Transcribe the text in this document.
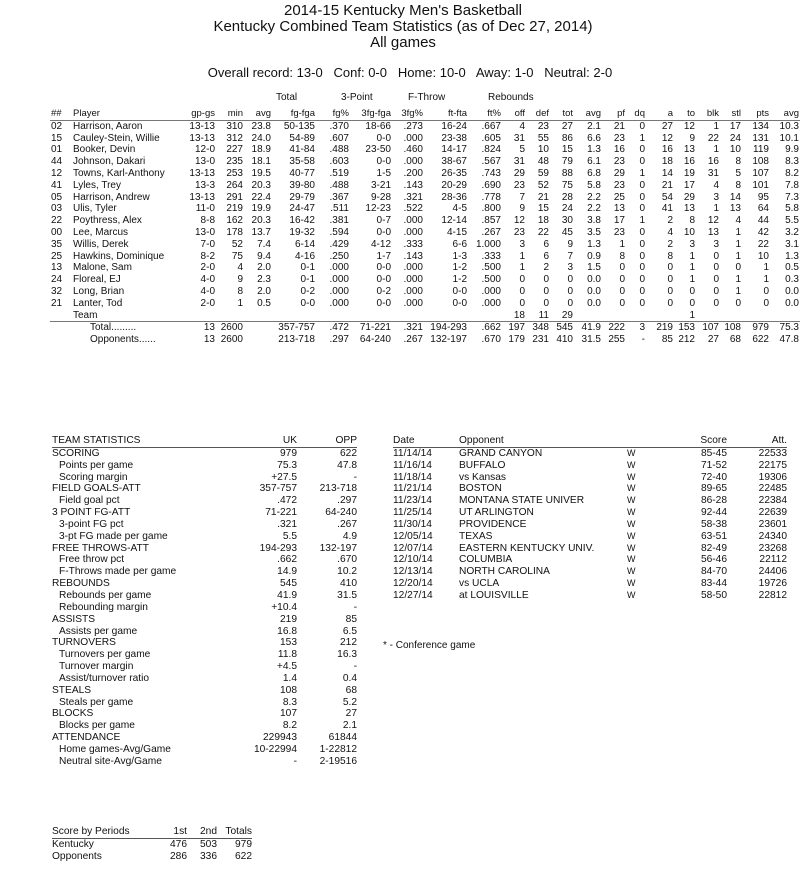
2014-15 Kentucky Men's Basketball
Kentucky Combined Team Statistics (as of Dec 27, 2014)
All games
Overall record: 13-0   Conf: 0-0   Home: 10-0   Away: 1-0   Neutral: 2-0
Total	3-Point	F-Throw	Rebounds
##	Player	gp-gs	min	avg	fg-fga	fg%	3fg-fga	3fg%	ft-fta	ft%	off	def	tot	avg	pf	dq	a	to	blk	stl	pts	avg
02	Harrison, Aaron	13-13	310	23.8	50-135	.370	18-66	.273	16-24	.667	4	23	27	2.1	21	0	27	12	1	17	134	10.3
15	Cauley-Stein, Willie	13-13	312	24.0	54-89	.607	0-0	.000	23-38	.605	31	55	86	6.6	23	1	12	9	22	24	131	10.1
01	Booker, Devin	12-0	227	18.9	41-84	.488	23-50	.460	14-17	.824	5	10	15	1.3	16	0	16	13	1	10	119	9.9
44	Johnson, Dakari	13-0	235	18.1	35-58	.603	0-0	.000	38-67	.567	31	48	79	6.1	23	0	18	16	16	8	108	8.3
12	Towns, Karl-Anthony	13-13	253	19.5	40-77	.519	1-5	.200	26-35	.743	29	59	88	6.8	29	1	14	19	31	5	107	8.2
41	Lyles, Trey	13-3	264	20.3	39-80	.488	3-21	.143	20-29	.690	23	52	75	5.8	23	0	21	17	4	8	101	7.8
05	Harrison, Andrew	13-13	291	22.4	29-79	.367	9-28	.321	28-36	.778	7	21	28	2.2	25	0	54	29	3	14	95	7.3
03	Ulis, Tyler	11-0	219	19.9	24-47	.511	12-23	.522	4-5	.800	9	15	24	2.2	13	0	41	13	1	13	64	5.8
22	Poythress, Alex	8-8	162	20.3	16-42	.381	0-7	.000	12-14	.857	12	18	30	3.8	17	1	2	8	12	4	44	5.5
00	Lee, Marcus	13-0	178	13.7	19-32	.594	0-0	.000	4-15	.267	23	22	45	3.5	23	0	4	10	13	1	42	3.2
35	Willis, Derek	7-0	52	7.4	6-14	.429	4-12	.333	6-6	1.000	3	6	9	1.3	1	0	2	3	3	1	22	3.1
25	Hawkins, Dominique	8-2	75	9.4	4-16	.250	1-7	.143	1-3	.333	1	6	7	0.9	8	0	8	1	0	1	10	1.3
13	Malone, Sam	2-0	4	2.0	0-1	.000	0-0	.000	1-2	.500	1	2	3	1.5	0	0	0	1	0	0	1	0.5
24	Floreal, EJ	4-0	9	2.3	0-1	.000	0-0	.000	1-2	.500	0	0	0	0.0	0	0	0	1	0	1	1	0.3
32	Long, Brian	4-0	8	2.0	0-2	.000	0-2	.000	0-0	.000	0	0	0	0.0	0	0	0	0	0	1	0	0.0
21	Lanter, Tod	2-0	1	0.5	0-0	.000	0-0	.000	0-0	.000	0	0	0	0.0	0	0	0	0	0	0	0	0.0
	Team										18	11	29					1				
	Total.........	13	2600		357-757	.472	71-221	.321	194-293	.662	197	348	545	41.9	222	3	219	153	107	108	979	75.3
	Opponents......	13	2600		213-718	.297	64-240	.267	132-197	.670	179	231	410	31.5	255	-	85	212	27	68	622	47.8
TEAM STATISTICS	UK	OPP
SCORING	979	622
Points per game	75.3	47.8
Scoring margin	+27.5	-
FIELD GOALS-ATT	357-757	213-718
Field goal pct	.472	.297
3 POINT FG-ATT	71-221	64-240
3-point FG pct	.321	.267
3-pt FG made per game	5.5	4.9
FREE THROWS-ATT	194-293	132-197
Free throw pct	.662	.670
F-Throws made per game	14.9	10.2
REBOUNDS	545	410
Rebounds per game	41.9	31.5
Rebounding margin	+10.4	-
ASSISTS	219	85
Assists per game	16.8	6.5
TURNOVERS	153	212
Turnovers per game	11.8	16.3
Turnover margin	+4.5	-
Assist/turnover ratio	1.4	0.4
STEALS	108	68
Steals per game	8.3	5.2
BLOCKS	107	27
Blocks per game	8.2	2.1
ATTENDANCE	229943	61844
Home games-Avg/Game	10-22994	1-22812
Neutral site-Avg/Game	-	2-19516
Date	Opponent		Score	Att.
11/14/14	GRAND CANYON	W	85-45	22533
11/16/14	BUFFALO	W	71-52	22175
11/18/14	vs Kansas	W	72-40	19306
11/21/14	BOSTON	W	89-65	22485
11/23/14	MONTANA STATE UNIVER	W	86-28	22384
11/25/14	UT ARLINGTON	W	92-44	22639
11/30/14	PROVIDENCE	W	58-38	23601
12/05/14	TEXAS	W	63-51	24340
12/07/14	EASTERN KENTUCKY UNIV.	W	82-49	23268
12/10/14	COLUMBIA	W	56-46	22112
12/13/14	NORTH CAROLINA	W	84-70	24406
12/20/14	vs UCLA	W	83-44	19726
12/27/14	at LOUISVILLE	W	58-50	22812
* - Conference game
Score by Periods	1st	2nd	Totals
Kentucky	476	503	979
Opponents	286	336	622
